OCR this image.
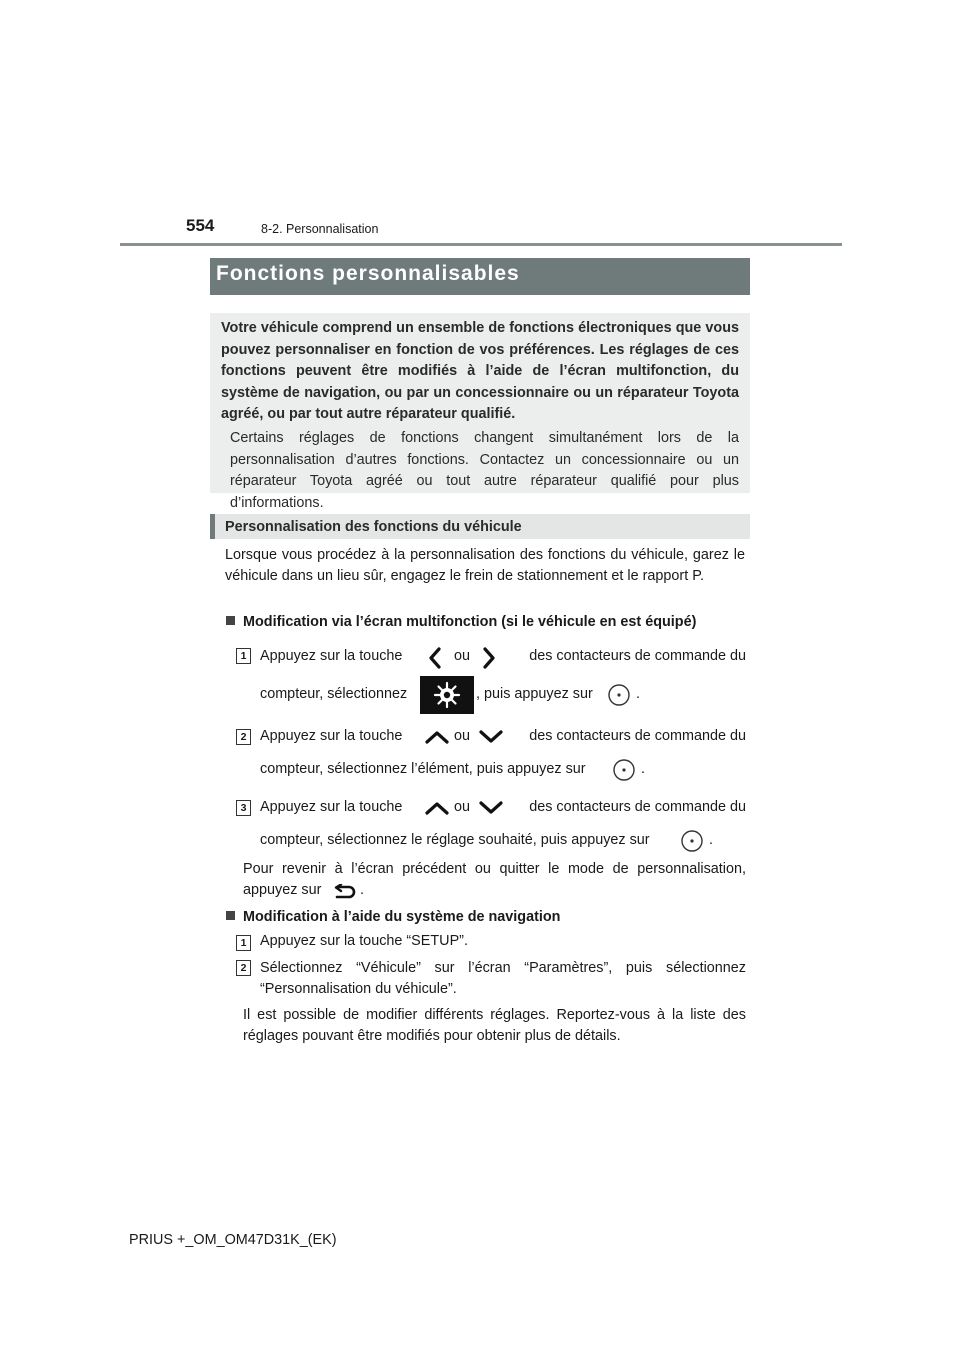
554	8-2. Personnalisation
Fonctions personnalisables
Votre véhicule comprend un ensemble de fonctions électroniques que vous pouvez personnaliser en fonction de vos préférences. Les réglages de ces fonctions peuvent être modifiés à l’aide de l’écran multifonction, du système de navigation, ou par un concessionnaire ou un réparateur Toyota agréé, ou par tout autre réparateur qualifié.
Certains réglages de fonctions changent simultanément lors de la personnalisation d’autres fonctions. Contactez un concessionnaire ou un réparateur Toyota agréé ou tout autre réparateur qualifié pour plus d’informations.
Personnalisation des fonctions du véhicule
Lorsque vous procédez à la personnalisation des fonctions du véhicule, garez le véhicule dans un lieu sûr, engagez le frein de stationnement et le rapport P.
Modification via l’écran multifonction (si le véhicule en est équipé)
1 Appuyez sur la touche	ou	des contacteurs de commande du
compteur, sélectionnez	, puis appuyez sur	.
2 Appuyez sur la touche	ou	des contacteurs de commande du
compteur, sélectionnez l’élément, puis appuyez sur	.
3 Appuyez sur la touche	ou	des contacteurs de commande du
compteur, sélectionnez le réglage souhaité, puis appuyez sur	.
Pour revenir à l’écran précédent ou quitter le mode de personnalisation,
appuyez sur	.
Modification à l’aide du système de navigation
1 Appuyez sur la touche “SETUP”.
2 Sélectionnez “Véhicule” sur l’écran “Paramètres”, puis sélectionnez “Personnalisation du véhicule”.
Il est possible de modifier différents réglages. Reportez-vous à la liste des réglages pouvant être modifiés pour obtenir plus de détails.
PRIUS +_OM_OM47D31K_(EK)
